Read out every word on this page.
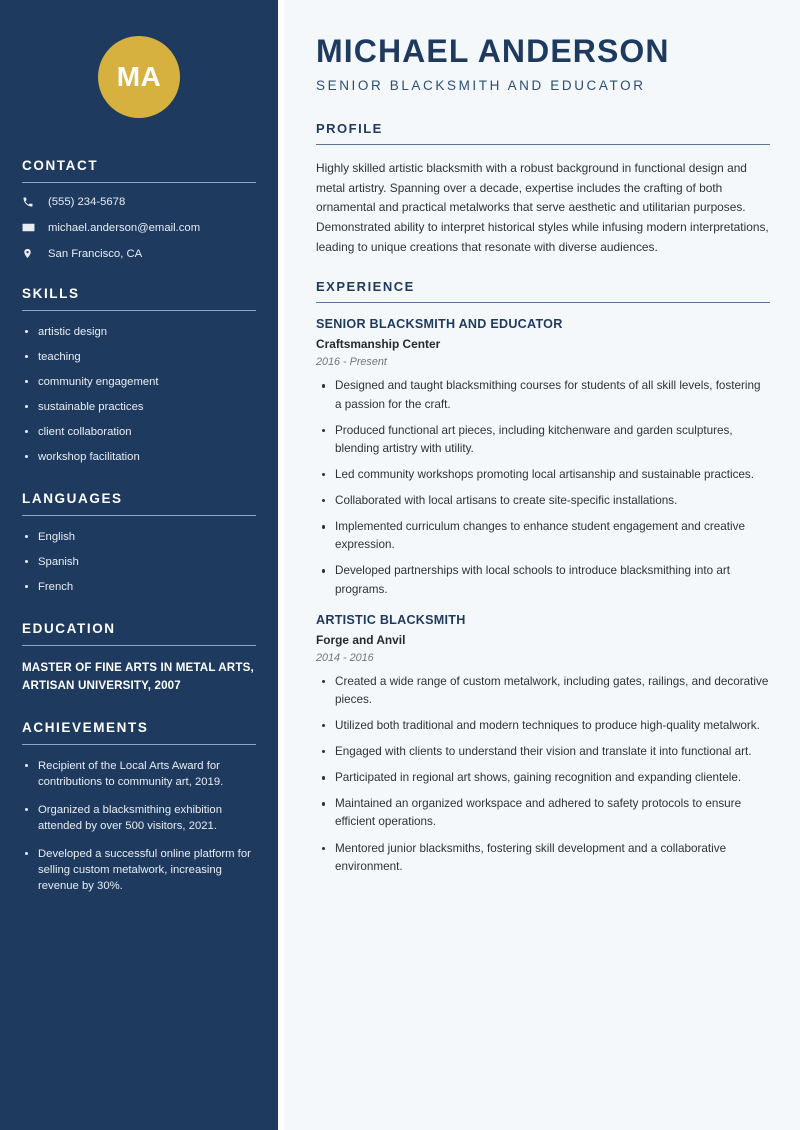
MA
CONTACT
(555) 234-5678
michael.anderson@email.com
San Francisco, CA
SKILLS
artistic design
teaching
community engagement
sustainable practices
client collaboration
workshop facilitation
LANGUAGES
English
Spanish
French
EDUCATION
MASTER OF FINE ARTS IN METAL ARTS, ARTISAN UNIVERSITY, 2007
ACHIEVEMENTS
Recipient of the Local Arts Award for contributions to community art, 2019.
Organized a blacksmithing exhibition attended by over 500 visitors, 2021.
Developed a successful online platform for selling custom metalwork, increasing revenue by 30%.
MICHAEL ANDERSON
SENIOR BLACKSMITH AND EDUCATOR
PROFILE

Highly skilled artistic blacksmith with a robust background in functional design and metal artistry. Spanning over a decade, expertise includes the crafting of both ornamental and practical metalworks that serve aesthetic and utilitarian purposes. Demonstrated ability to interpret historical styles while infusing modern interpretations, leading to unique creations that resonate with diverse audiences.

EXPERIENCE
SENIOR BLACKSMITH AND EDUCATOR
Craftsmanship Center
2016 - Present
Designed and taught blacksmithing courses for students of all skill levels, fostering a passion for the craft.
Produced functional art pieces, including kitchenware and garden sculptures, blending artistry with utility.
Led community workshops promoting local artisanship and sustainable practices.
Collaborated with local artisans to create site-specific installations.
Implemented curriculum changes to enhance student engagement and creative expression.
Developed partnerships with local schools to introduce blacksmithing into art programs.
ARTISTIC BLACKSMITH
Forge and Anvil
2014 - 2016
Created a wide range of custom metalwork, including gates, railings, and decorative pieces.
Utilized both traditional and modern techniques to produce high-quality metalwork.
Engaged with clients to understand their vision and translate it into functional art.
Participated in regional art shows, gaining recognition and expanding clientele.
Maintained an organized workspace and adhered to safety protocols to ensure efficient operations.
Mentored junior blacksmiths, fostering skill development and a collaborative environment.
